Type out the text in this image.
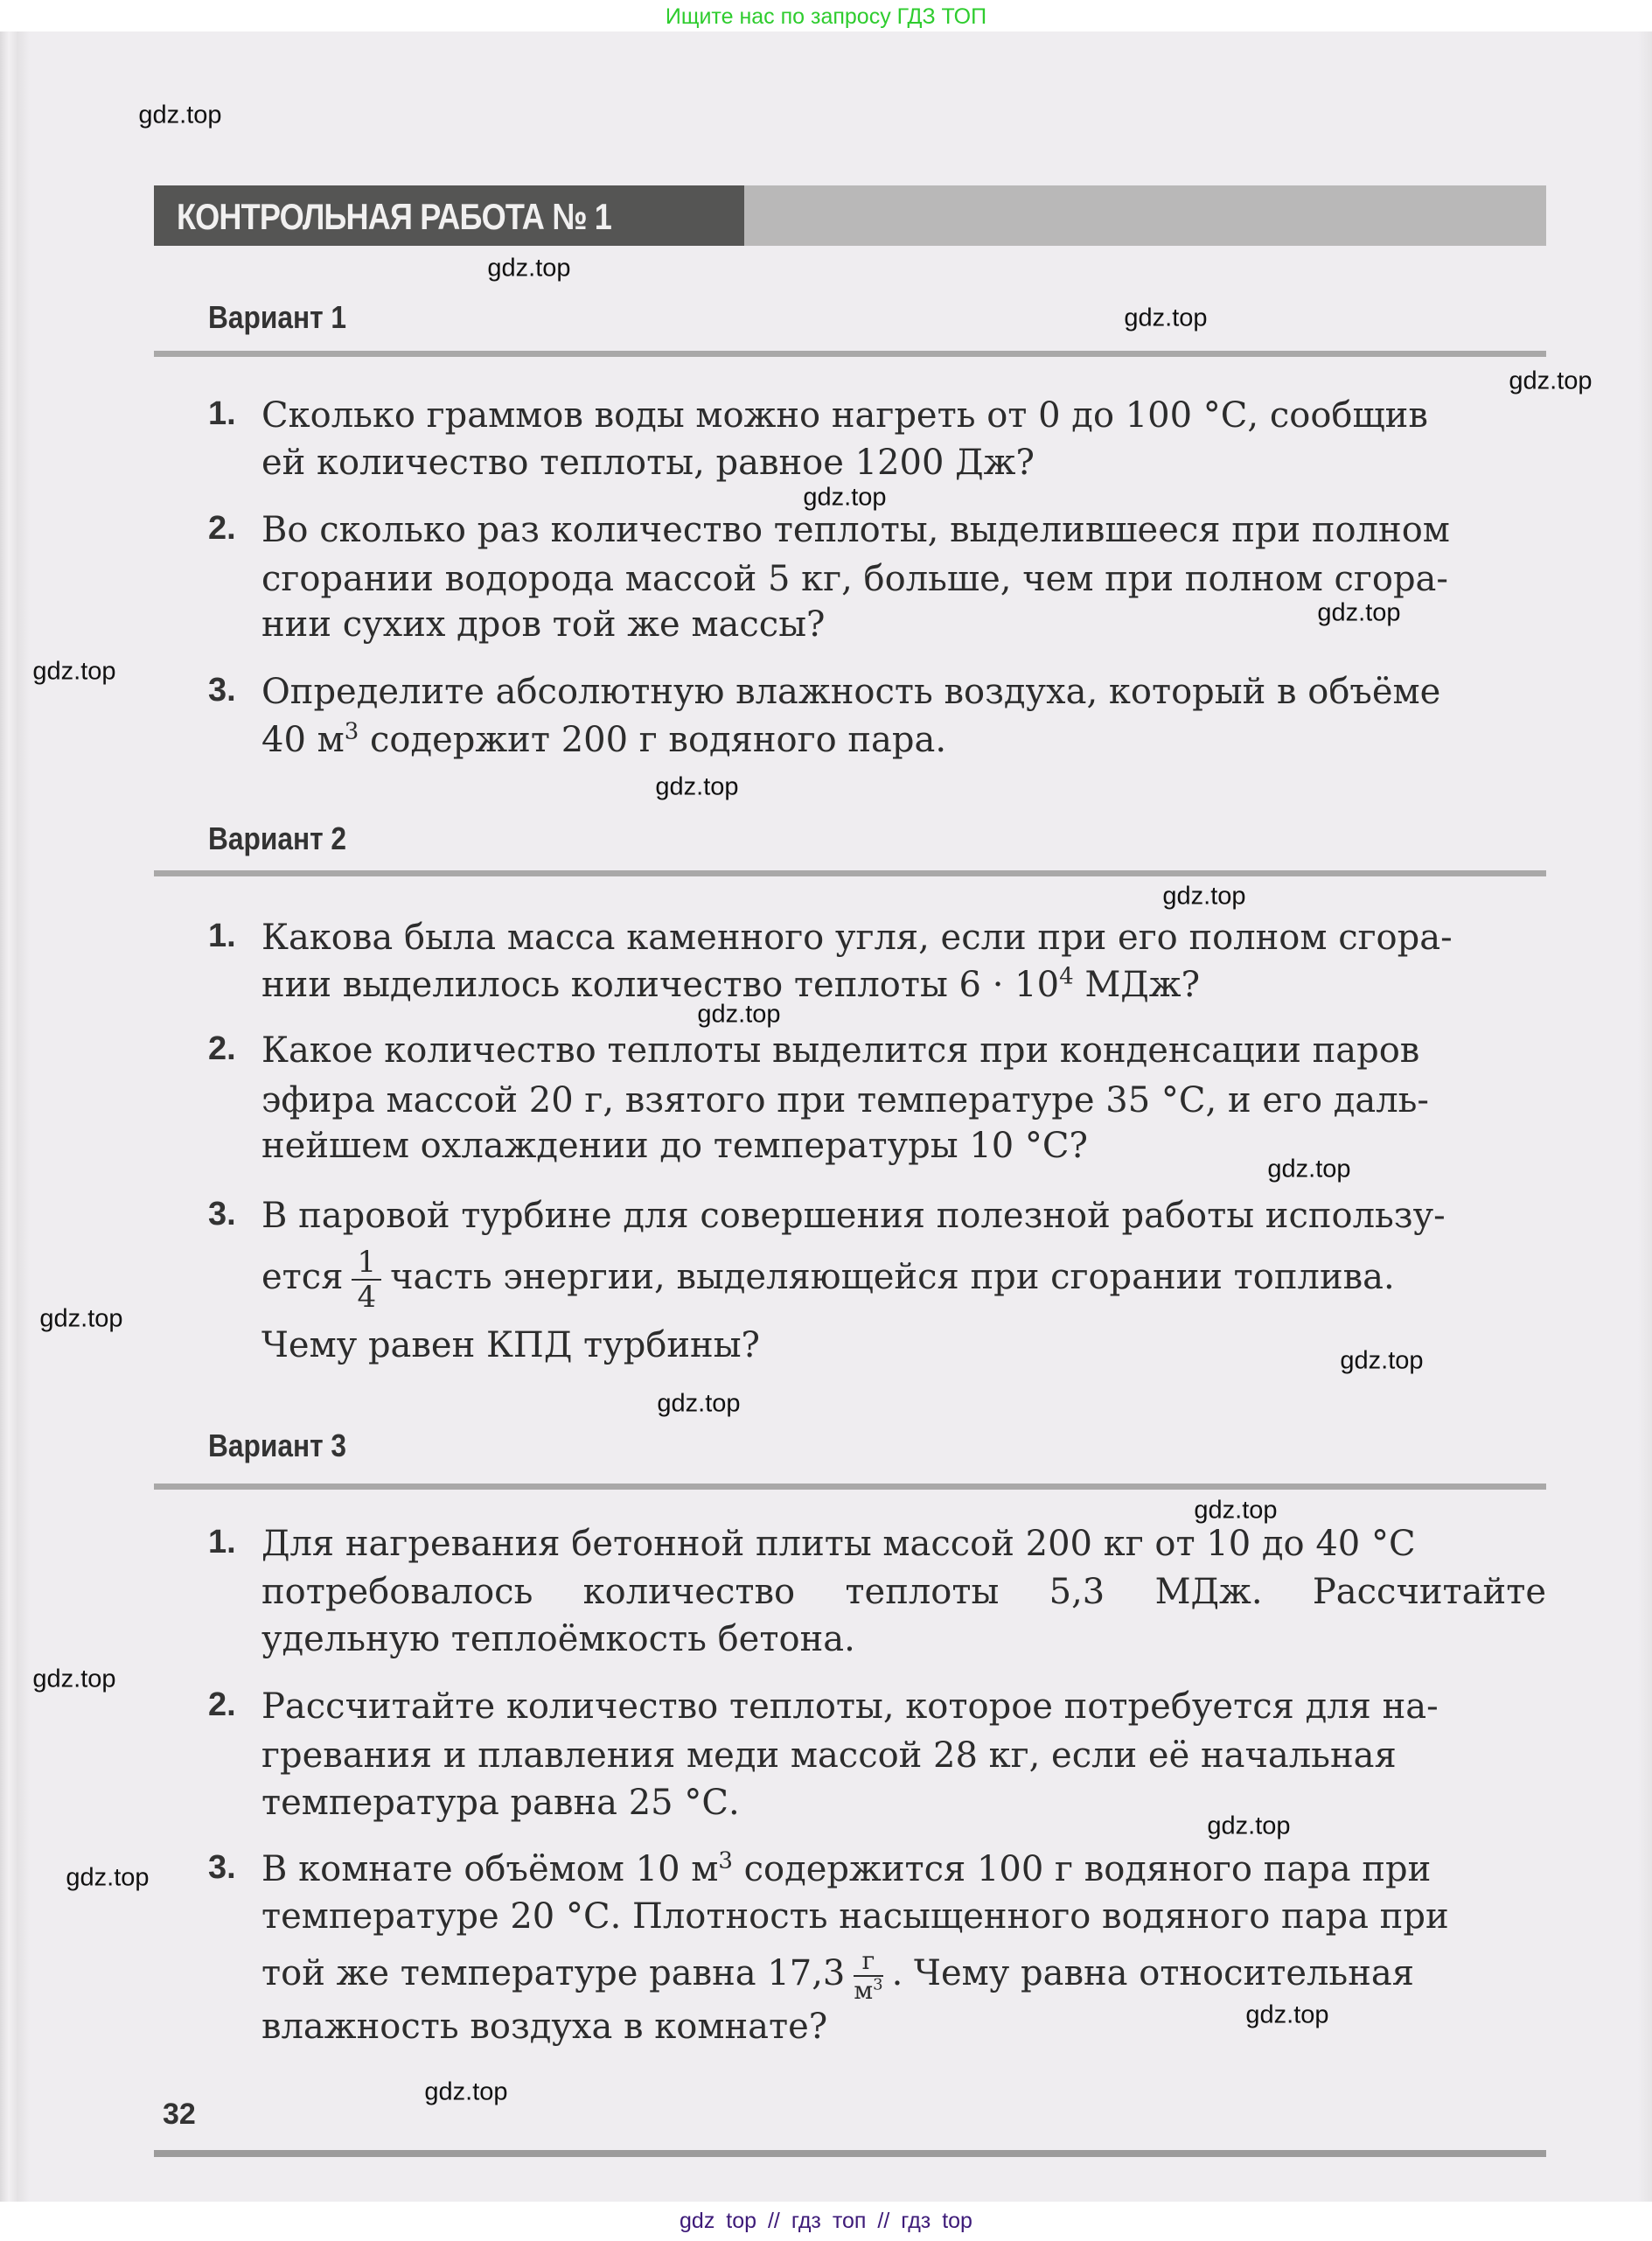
Ищите нас по запросу ГДЗ ТОП
КОНТРОЛЬНАЯ РАБОТА № 1
Вариант 1
1. Сколько граммов воды можно нагреть от 0 до 100 °С, сообщив
ей количество теплоты, равное 1200 Дж?
2. Во сколько раз количество теплоты, выделившееся при полном
сгорании водорода массой 5 кг, больше, чем при полном сгора-
нии сухих дров той же массы?
3. Определите абсолютную влажность воздуха, который в объёме
40 $м^3$ содержит 200 г водяного пара.
Вариант 2
1. Какова была масса каменного угля, если при его полном сгора-
нии выделилось количество теплоты $6 \cdot 10^4$ МДж?
2. Какое количество теплоты выделится при конденсации паров
эфира массой 20 г, взятого при температуре 35 °С, и его даль-
нейшем охлаждении до температуры 10 °С?
3. В паровой турбине для совершения полезной работы использу-
ется $\frac{1}{4}$ часть энергии, выделяющейся при сгорании топлива.
Чему равен КПД турбины?
Вариант 3
1. Для нагревания бетонной плиты массой 200 кг от 10 до 40 °С
потребовалось количество теплоты 5,3 МДж. Рассчитайте
удельную теплоёмкость бетона.
2. Рассчитайте количество теплоты, которое потребуется для на-
гревания и плавления меди массой 28 кг, если её начальная
температура равна 25 °С.
3. В комнате объёмом 10 $м^3$ содержится 100 г водяного пара при
температуре 20 °С. Плотность насыщенного водяного пара при
той же температуре равна $17,3 \frac{г}{м^3}$ . Чему равна относительная
влажность воздуха в комнате?
32
gdz.top
gdz.top
gdz.top
gdz.top
gdz.top
gdz.top
gdz.top
gdz.top
gdz.top
gdz.top
gdz.top
gdz.top
gdz.top
gdz.top
gdz.top
gdz.top
gdz.top
gdz.top
gdz.top
gdz.top
gdz top // гдз топ // гдз top
